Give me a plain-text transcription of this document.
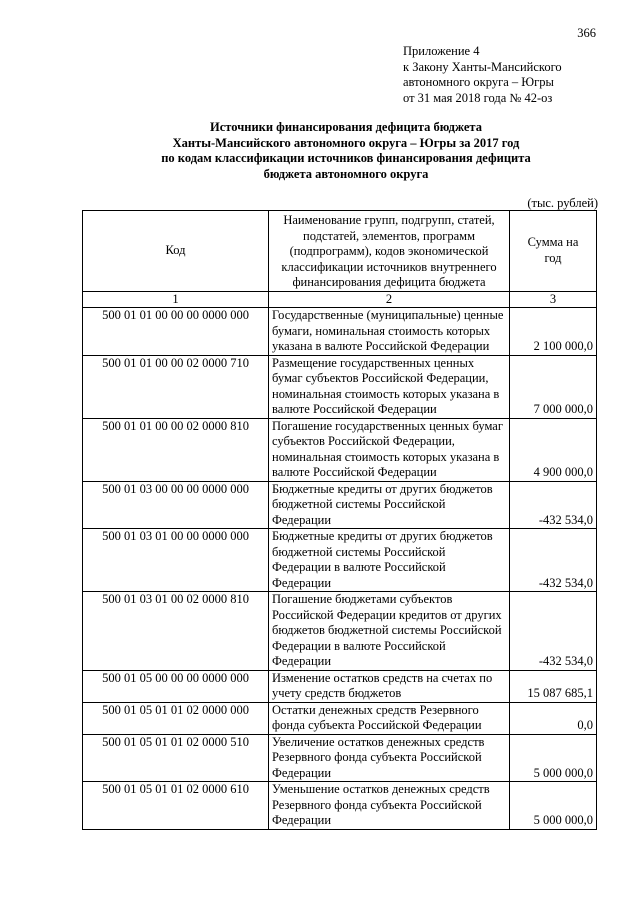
366
Приложение 4
к Закону Ханты-Мансийского
автономного округа – Югры
от 31 мая 2018 года № 42-оз
Источники финансирования дефицита бюджета
Ханты-Мансийского автономного округа – Югры за 2017 год
по кодам классификации источников финансирования дефицита
бюджета автономного округа
(тыс. рублей)
Код	Наименование групп, подгрупп, статей, подстатей, элементов, программ (подпрограмм), кодов экономической классификации источников внутреннего финансирования дефицита бюджета	Сумма на год

1	2	3
500 01 01 00 00 00 0000 000	Государственные (муниципальные) ценные бумаги, номинальная стоимость которых указана в валюте Российской Федерации	2 100 000,0
500 01 01 00 00 02 0000 710	Размещение государственных ценных бумаг субъектов Российской Федерации, номинальная стоимость которых указана в валюте Российской Федерации	7 000 000,0
500 01 01 00 00 02 0000 810	Погашение государственных ценных бумаг субъектов Российской Федерации, номинальная стоимость которых указана в валюте Российской Федерации	4 900 000,0
500 01 03 00 00 00 0000 000	Бюджетные кредиты от других бюджетов бюджетной системы Российской Федерации	-432 534,0
500 01 03 01 00 00 0000 000	Бюджетные кредиты от других бюджетов бюджетной системы Российской Федерации в валюте Российской Федерации	-432 534,0
500 01 03 01 00 02 0000 810	Погашение бюджетами субъектов Российской Федерации кредитов от других бюджетов бюджетной системы Российской Федерации в валюте Российской Федерации	-432 534,0
500 01 05 00 00 00 0000 000	Изменение остатков средств на счетах по учету средств бюджетов	15 087 685,1
500 01 05 01 01 02 0000 000	Остатки денежных средств Резервного фонда субъекта Российской Федерации	0,0
500 01 05 01 01 02 0000 510	Увеличение остатков денежных средств Резервного фонда субъекта Российской Федерации	5 000 000,0
500 01 05 01 01 02 0000 610	Уменьшение остатков денежных средств Резервного фонда субъекта Российской Федерации	5 000 000,0
